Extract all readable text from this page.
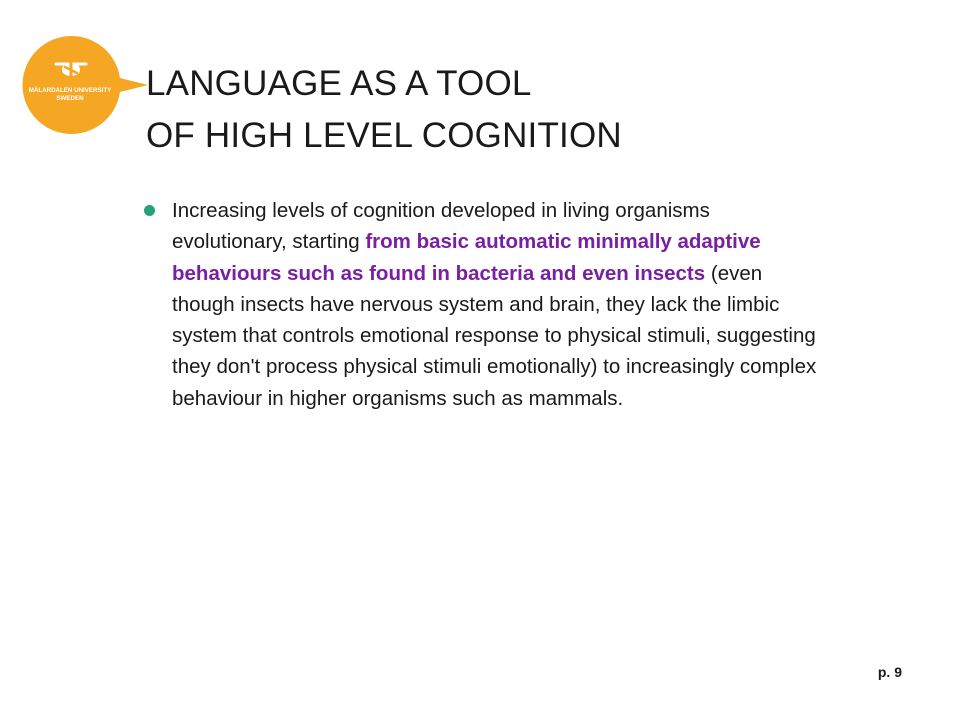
MÄLARDALEN UNIVERSITY
SWEDEN LANGUAGE AS A TOOL
OF HIGH LEVEL COGNITION
Increasing levels of cognition developed in living organisms evolutionary, starting from basic automatic minimally adaptive behaviours such as found in bacteria and even insects (even though insects have nervous system and brain, they lack the limbic system that controls emotional response to physical stimuli, suggesting they don't process physical stimuli emotionally) to increasingly complex behaviour in higher organisms such as mammals.
p. 9
